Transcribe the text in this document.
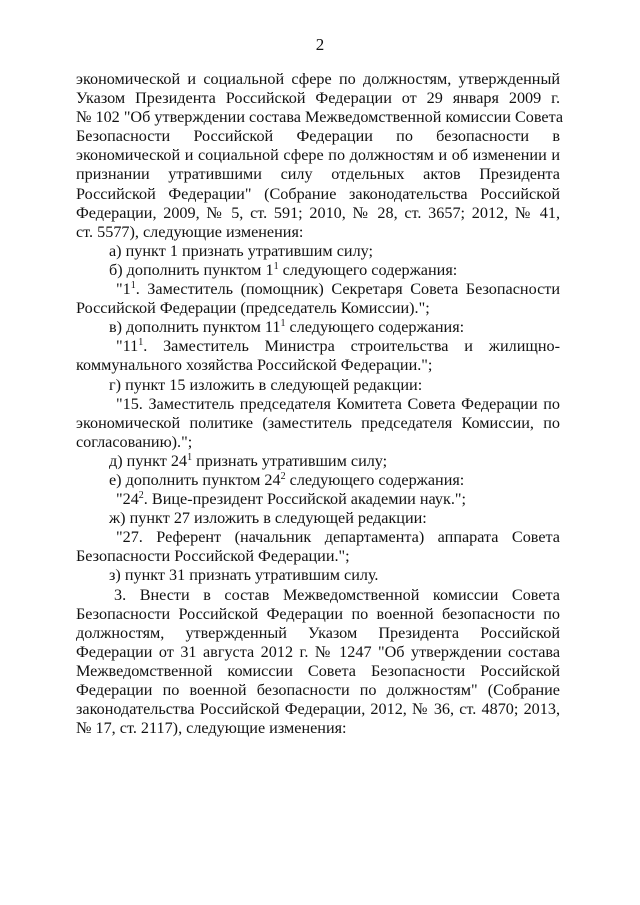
2
экономической и социальной сфере по должностям, утвержденный
Указом Президента Российской Федерации от 29 января 2009 г.
№ 102 "Об утверждении состава Межведомственной комиссии Совета
Безопасности Российской Федерации по безопасности в
экономической и социальной сфере по должностям и об изменении и
признании утратившими силу отдельных актов Президента
Российской Федерации" (Собрание законодательства Российской
Федерации, 2009, № 5, ст. 591; 2010, № 28, ст. 3657; 2012, № 41,
ст. 5577), следующие изменения:
а) пункт 1 признать утратившим силу;
б) дополнить пунктом $1^1$ следующего содержания:
"$1^1$. Заместитель (помощник) Секретаря Совета Безопасности
Российской Федерации (председатель Комиссии).";
в) дополнить пунктом $11^1$ следующего содержания:
"$11^1$. Заместитель Министра строительства и жилищно-
коммунального хозяйства Российской Федерации.";
г) пункт 15 изложить в следующей редакции:
"15. Заместитель председателя Комитета Совета Федерации по
экономической политике (заместитель председателя Комиссии, по
согласованию).";
д) пункт $24^1$ признать утратившим силу;
е) дополнить пунктом $24^2$ следующего содержания:
"$24^2$. Вице-президент Российской академии наук.";
ж) пункт 27 изложить в следующей редакции:
"27. Референт (начальник департамента) аппарата Совета
Безопасности Российской Федерации.";
з) пункт 31 признать утратившим силу.
3. Внести в состав Межведомственной комиссии Совета
Безопасности Российской Федерации по военной безопасности по
должностям, утвержденный Указом Президента Российской
Федерации от 31 августа 2012 г. № 1247 "Об утверждении состава
Межведомственной комиссии Совета Безопасности Российской
Федерации по военной безопасности по должностям" (Собрание
законодательства Российской Федерации, 2012, № 36, ст. 4870; 2013,
№ 17, ст. 2117), следующие изменения:
